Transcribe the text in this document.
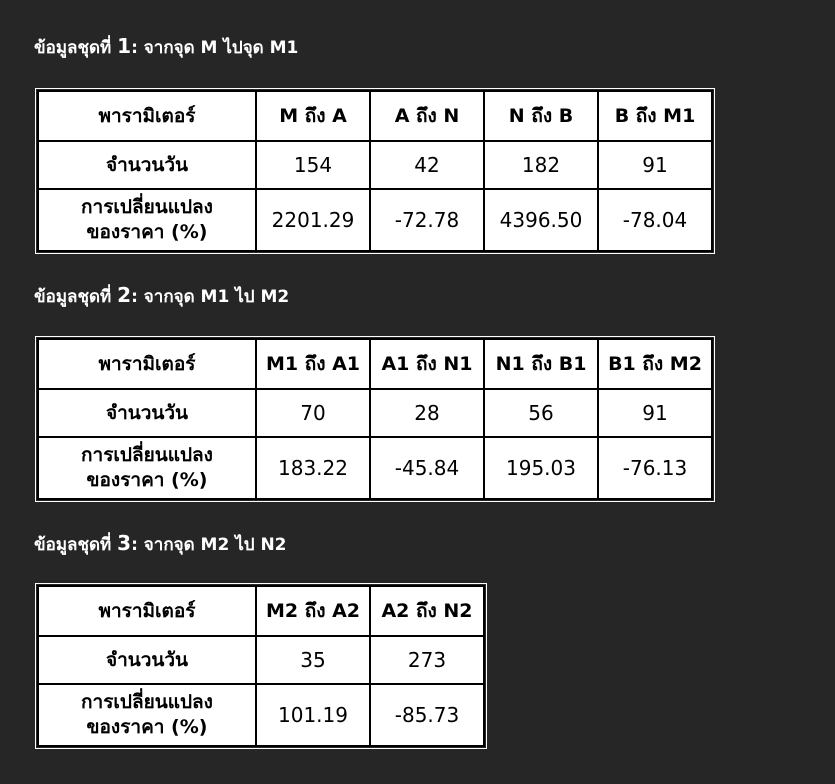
ข้อมูลชุดที่ 1: จากจุด M ไปจุด M1
พารามิเตอร์	M ถึง A	A ถึง N	N ถึง B	B ถึง M1
จำนวนวัน	154	42	182	91
การเปลี่ยนแปลง
ของราคา (%)	2201.29	-72.78	4396.50	-78.04
ข้อมูลชุดที่ 2: จากจุด M1 ไป M2
พารามิเตอร์	M1 ถึง A1	A1 ถึง N1	N1 ถึง B1	B1 ถึง M2
จำนวนวัน	70	28	56	91
การเปลี่ยนแปลง
ของราคา (%)	183.22	-45.84	195.03	-76.13
ข้อมูลชุดที่ 3: จากจุด M2 ไป N2
พารามิเตอร์	M2 ถึง A2	A2 ถึง N2
จำนวนวัน	35	273
การเปลี่ยนแปลง
ของราคา (%)	101.19	-85.73
